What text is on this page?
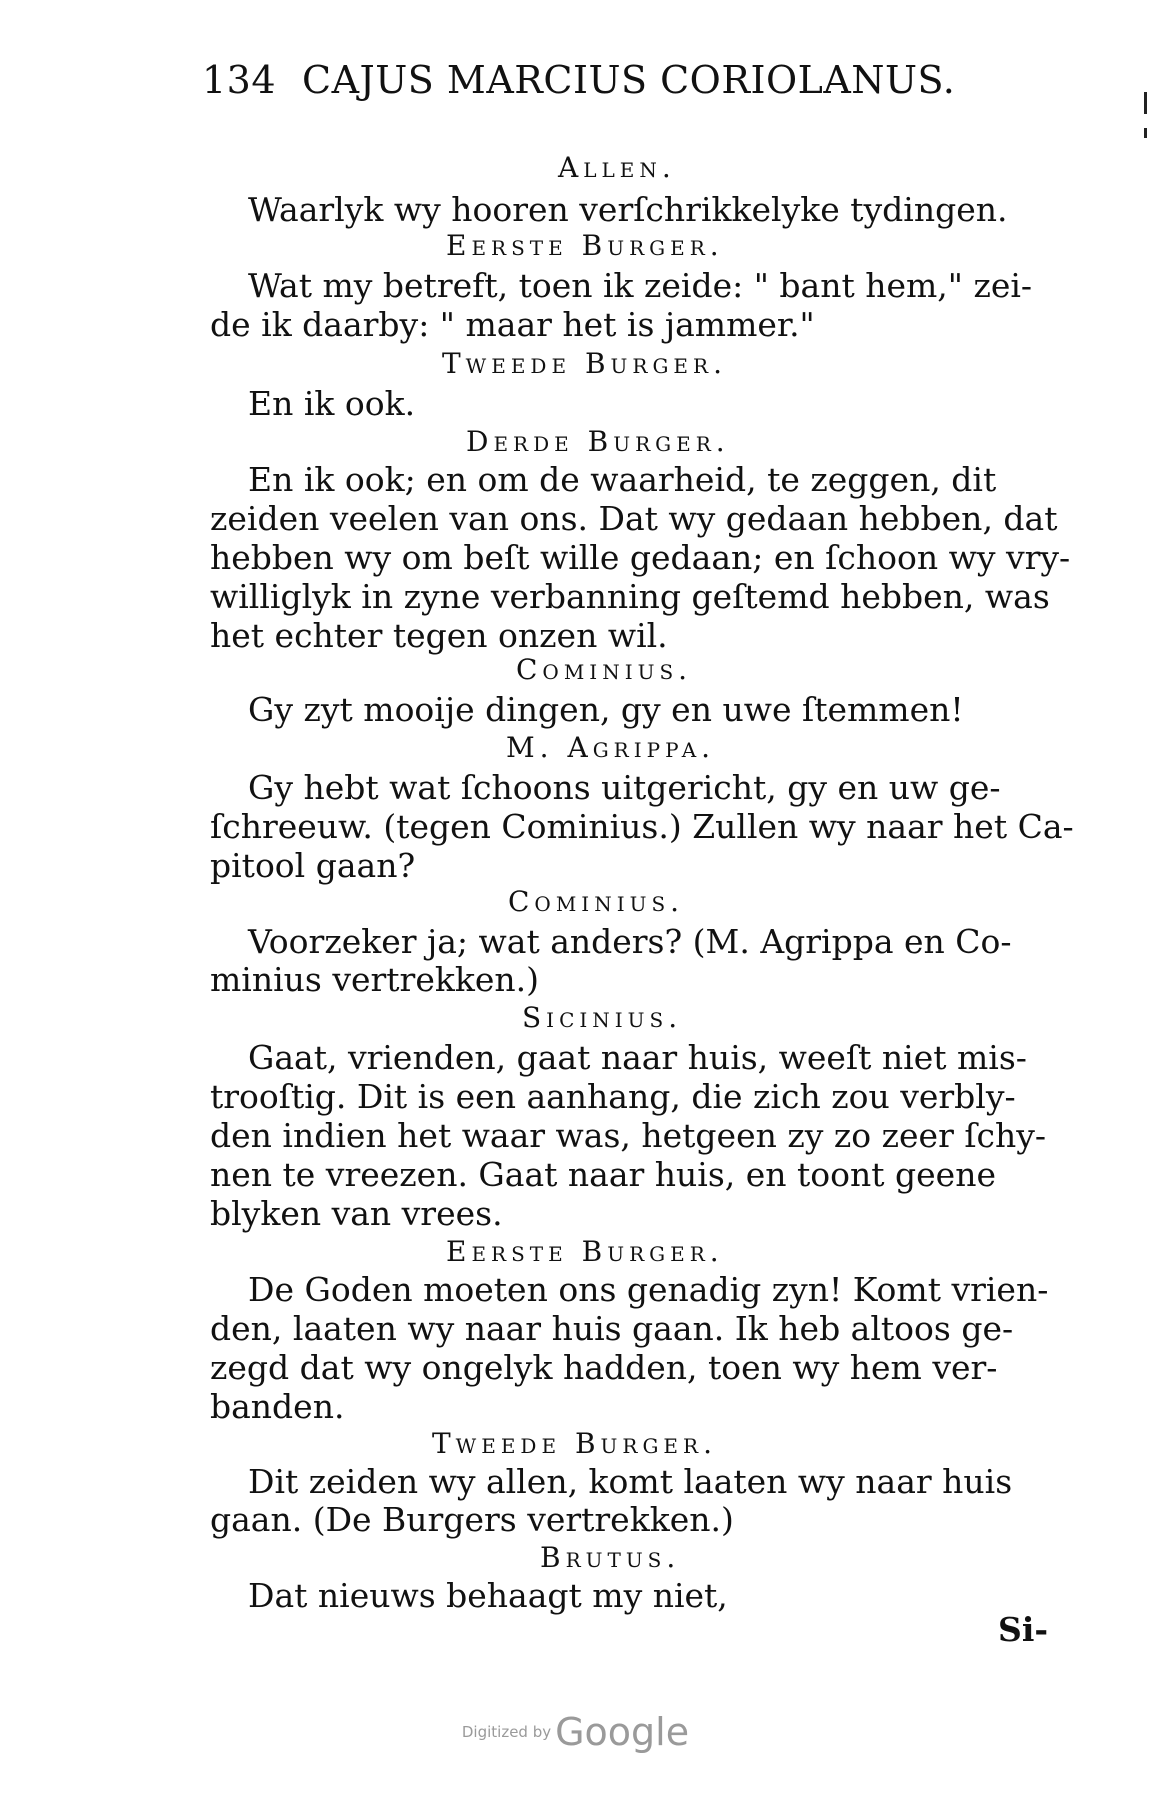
134 CAJUS MARCIUS CORIOLANUS.
Allen.
Waarlyk wy hooren verſchrikkelyke tydingen.
Eerste Burger.
Wat my betreft, toen ik zeide: " bant hem," zei-
de ik daarby: " maar het is jammer."
Tweede Burger.
En ik ook.
Derde Burger.
En ik ook; en om de waarheid, te zeggen, dit
zeiden veelen van ons. Dat wy gedaan hebben, dat
hebben wy om beſt wille gedaan; en ſchoon wy vry-
williglyk in zyne verbanning geſtemd hebben, was
het echter tegen onzen wil.
Cominius.
Gy zyt mooije dingen, gy en uwe ſtemmen!
M. Agrippa.
Gy hebt wat ſchoons uitgericht, gy en uw ge-
ſchreeuw. (tegen Cominius.) Zullen wy naar het Ca-
pitool gaan?
Cominius.
Voorzeker ja; wat anders? (M. Agrippa en Co-
minius vertrekken.)
Sicinius.
Gaat, vrienden, gaat naar huis, weeſt niet mis-
trooſtig. Dit is een aanhang, die zich zou verbly-
den indien het waar was, hetgeen zy zo zeer ſchy-
nen te vreezen. Gaat naar huis, en toont geene
blyken van vrees.
Eerste Burger.
De Goden moeten ons genadig zyn! Komt vrien-
den, laaten wy naar huis gaan. Ik heb altoos ge-
zegd dat wy ongelyk hadden, toen wy hem ver-
banden.
Tweede Burger.
Dit zeiden wy allen, komt laaten wy naar huis
gaan. (De Burgers vertrekken.)
Brutus.
Dat nieuws behaagt my niet,
Si-
Digitized by Google
